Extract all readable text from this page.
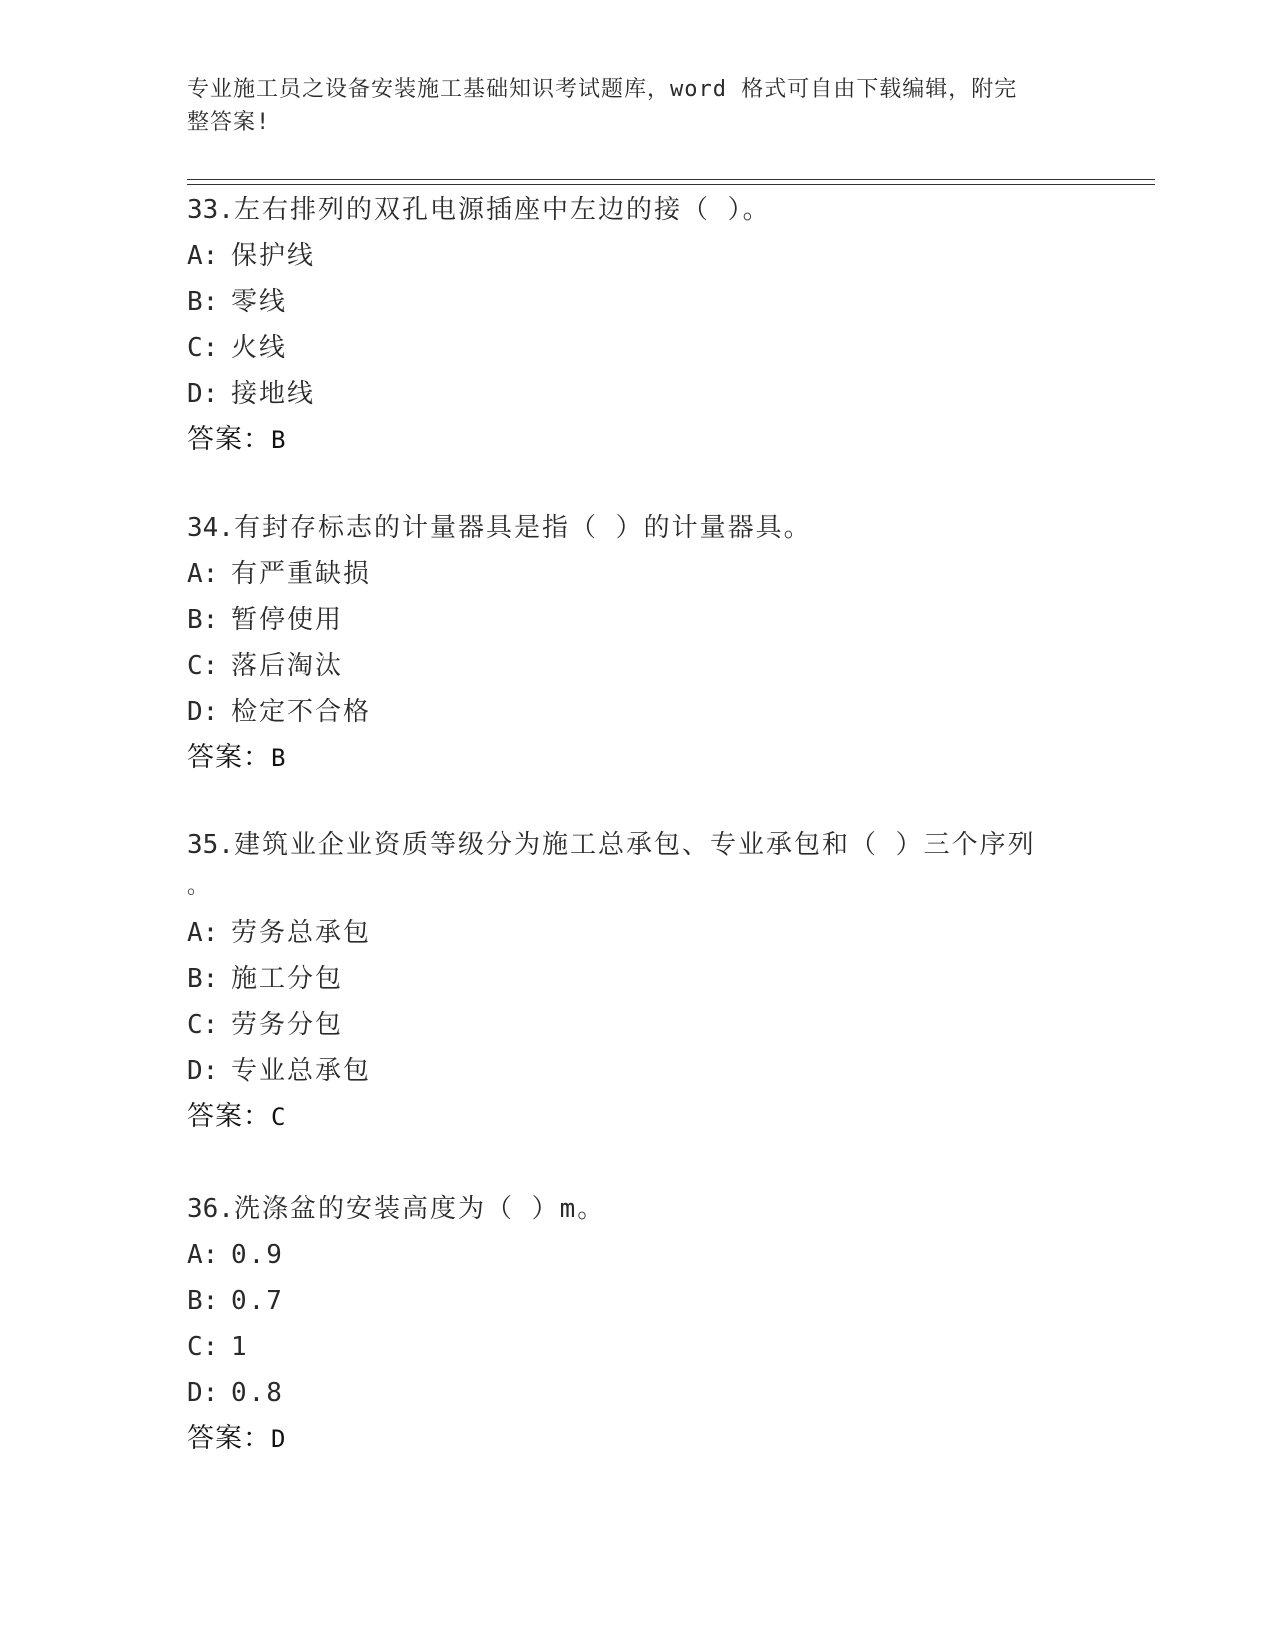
专业施工员之设备安装施工基础知识考试题库，word 格式可自由下载编辑，附完
整答案!

33.左右排列的双孔电源插座中左边的接（ ）。

A: 保护线
B: 零线
C: 火线
D: 接地线
答案：B

34.有封存标志的计量器具是指（ ）的计量器具。

A: 有严重缺损
B: 暂停使用
C: 落后淘汰
D: 检定不合格
答案：B

35.建筑业企业资质等级分为施工总承包、专业承包和（ ）三个序列

。

A: 劳务总承包
B: 施工分包
C: 劳务分包
D: 专业总承包
答案：C

36.洗涤盆的安装高度为（ ）m。

A: 0.9
B: 0.7
C: 1
D: 0.8
答案：D
